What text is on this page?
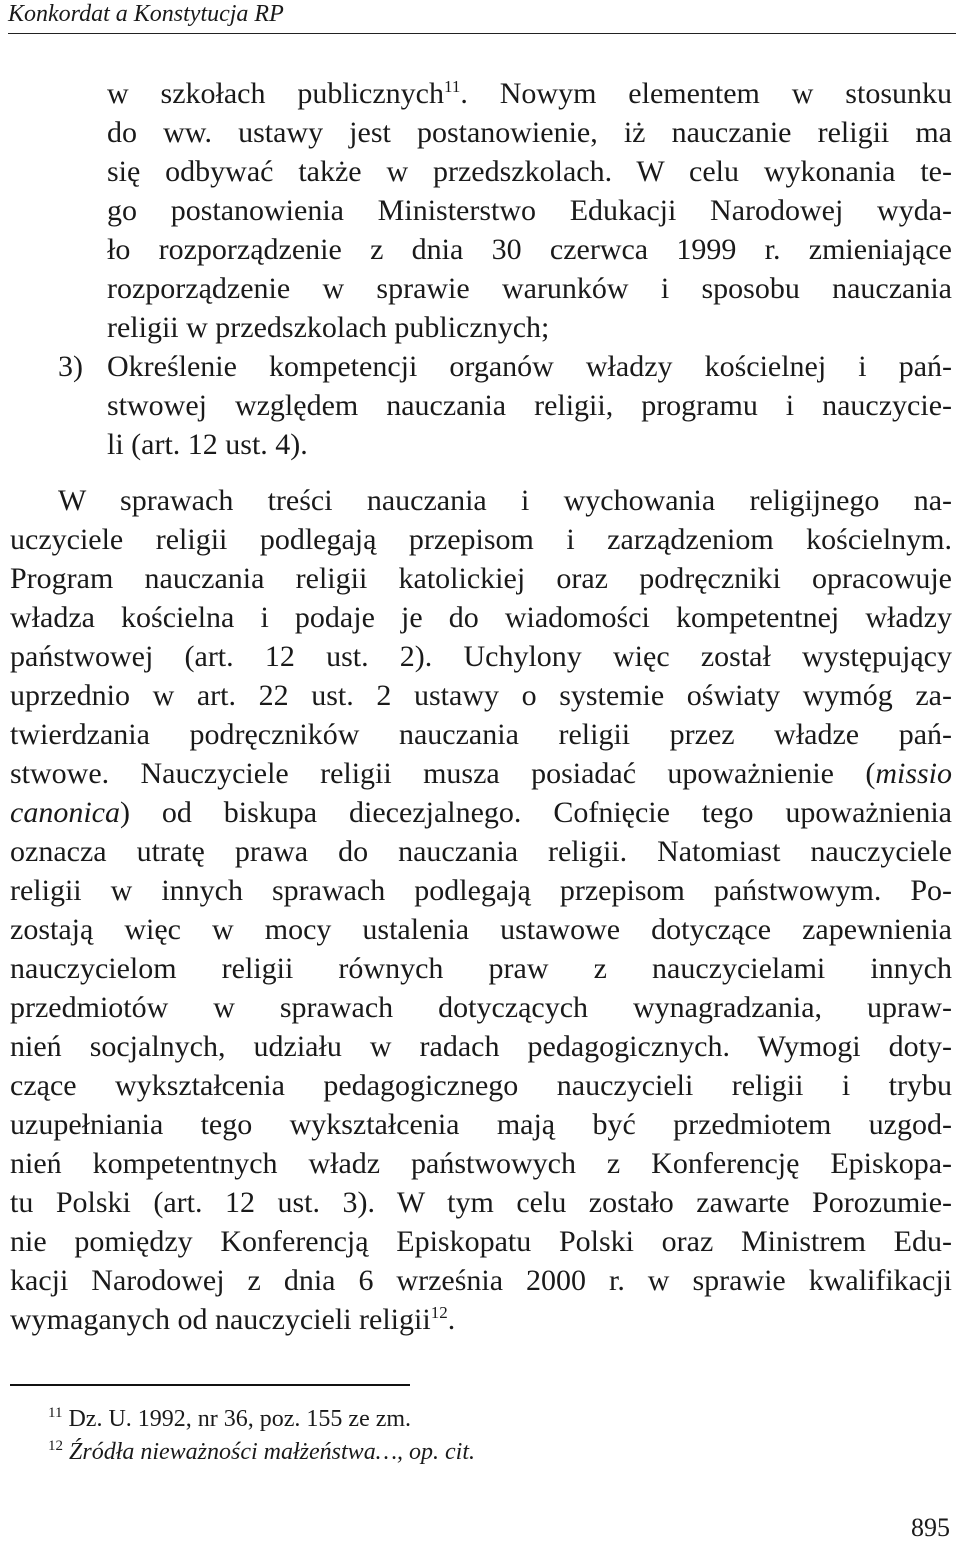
Konkordat a Konstytucja RP
w szkołach publicznych$^{11}$. Nowym elementem w stosunku
do ww. ustawy jest postanowienie, iż nauczanie religii ma
się odbywać także w przedszkolach. W celu wykonania te-
go postanowienia Ministerstwo Edukacji Narodowej wyda-
ło rozporządzenie z dnia 30 czerwca 1999 r. zmieniające
rozporządzenie w sprawie warunków i sposobu nauczania
religii w przedszkolach publicznych;
3) Określenie kompetencji organów władzy kościelnej i pań-
stwowej względem nauczania religii, programu i nauczycie-
li (art. 12 ust. 4).
W sprawach treści nauczania i wychowania religijnego na-
uczyciele religii podlegają przepisom i zarządzeniom kościelnym.
Program nauczania religii katolickiej oraz podręczniki opracowuje
władza kościelna i podaje je do wiadomości kompetentnej władzy
państwowej (art. 12 ust. 2). Uchylony więc został występujący
uprzednio w art. 22 ust. 2 ustawy o systemie oświaty wymóg za-
twierdzania podręczników nauczania religii przez władze pań-
stwowe. Nauczyciele religii musza posiadać upoważnienie (missio
canonica) od biskupa diecezjalnego. Cofnięcie tego upoważnienia
oznacza utratę prawa do nauczania religii. Natomiast nauczyciele
religii w innych sprawach podlegają przepisom państwowym. Po-
zostają więc w mocy ustalenia ustawowe dotyczące zapewnienia
nauczycielom religii równych praw z nauczycielami innych
przedmiotów w sprawach dotyczących wynagradzania, upraw-
nień socjalnych, udziału w radach pedagogicznych. Wymogi doty-
czące wykształcenia pedagogicznego nauczycieli religii i trybu
uzupełniania tego wykształcenia mają być przedmiotem uzgod-
nień kompetentnych władz państwowych z Konferencję Episkopa-
tu Polski (art. 12 ust. 3). W tym celu zostało zawarte Porozumie-
nie pomiędzy Konferencją Episkopatu Polski oraz Ministrem Edu-
kacji Narodowej z dnia 6 września 2000 r. w sprawie kwalifikacji
wymaganych od nauczycieli religii$^{12}$.
$^{11}$ Dz. U. 1992, nr 36, poz. 155 ze zm.
$^{12}$ Źródła nieważności małżeństwa…, op. cit.
895
